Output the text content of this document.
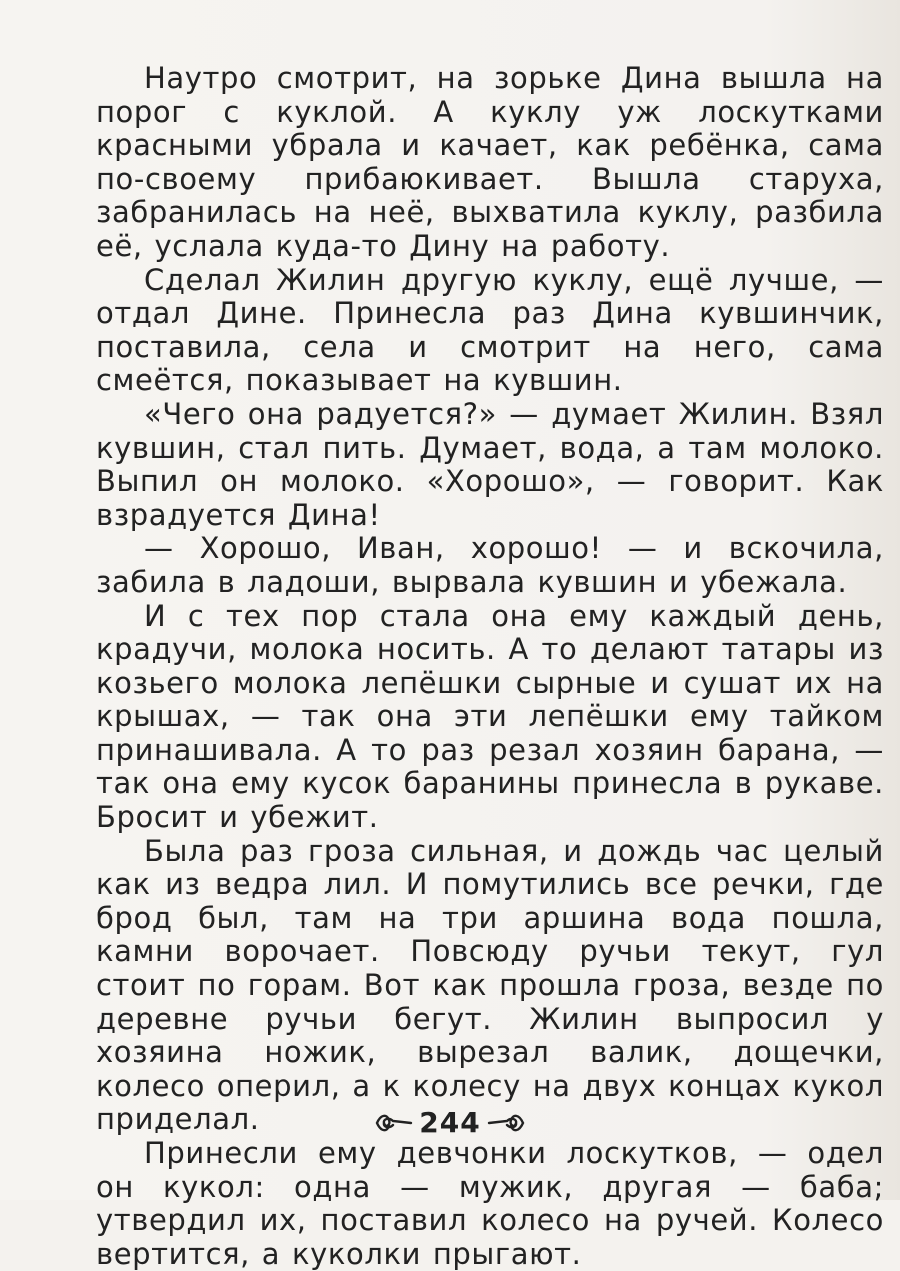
Наутро смотрит, на зорьке Дина вышла на порог с куклой. А куклу уж лоскутками красными убрала и качает, как ребёнка, сама по-своему прибаюкивает. Вышла старуха, забранилась на неё, выхватила куклу, разбила её, услала куда-то Дину на работу.

Сделал Жилин другую куклу, ещё лучше, — отдал Дине. Принесла раз Дина кувшинчик, поставила, села и смотрит на него, сама смеётся, показывает на кувшин.

«Чего она радуется?» — думает Жилин. Взял кувшин, стал пить. Думает, вода, а там молоко. Выпил он молоко. «Хорошо», — говорит. Как взрадуется Дина!

— Хорошо, Иван, хорошо! — и вскочила, забила в ладоши, вырвала кувшин и убежала.

И с тех пор стала она ему каждый день, крадучи, молока носить. А то делают татары из козьего молока лепёшки сырные и сушат их на крышах, — так она эти лепёшки ему тайком принашивала. А то раз резал хозяин барана, — так она ему кусок баранины принесла в рукаве. Бросит и убежит.

Была раз гроза сильная, и дождь час целый как из ведра лил. И помутились все речки, где брод был, там на три аршина вода пошла, камни ворочает. Повсюду ручьи текут, гул стоит по горам. Вот как прошла гроза, везде по деревне ручьи бегут. Жилин выпросил у хозяина ножик, вырезал валик, дощечки, колесо оперил, а к колесу на двух концах кукол приделал.

Принесли ему девчонки лоскутков, — одел он кукол: одна — мужик, другая — баба; утвердил их, поставил колесо на ручей. Колесо вертится, а куколки прыгают.

244
